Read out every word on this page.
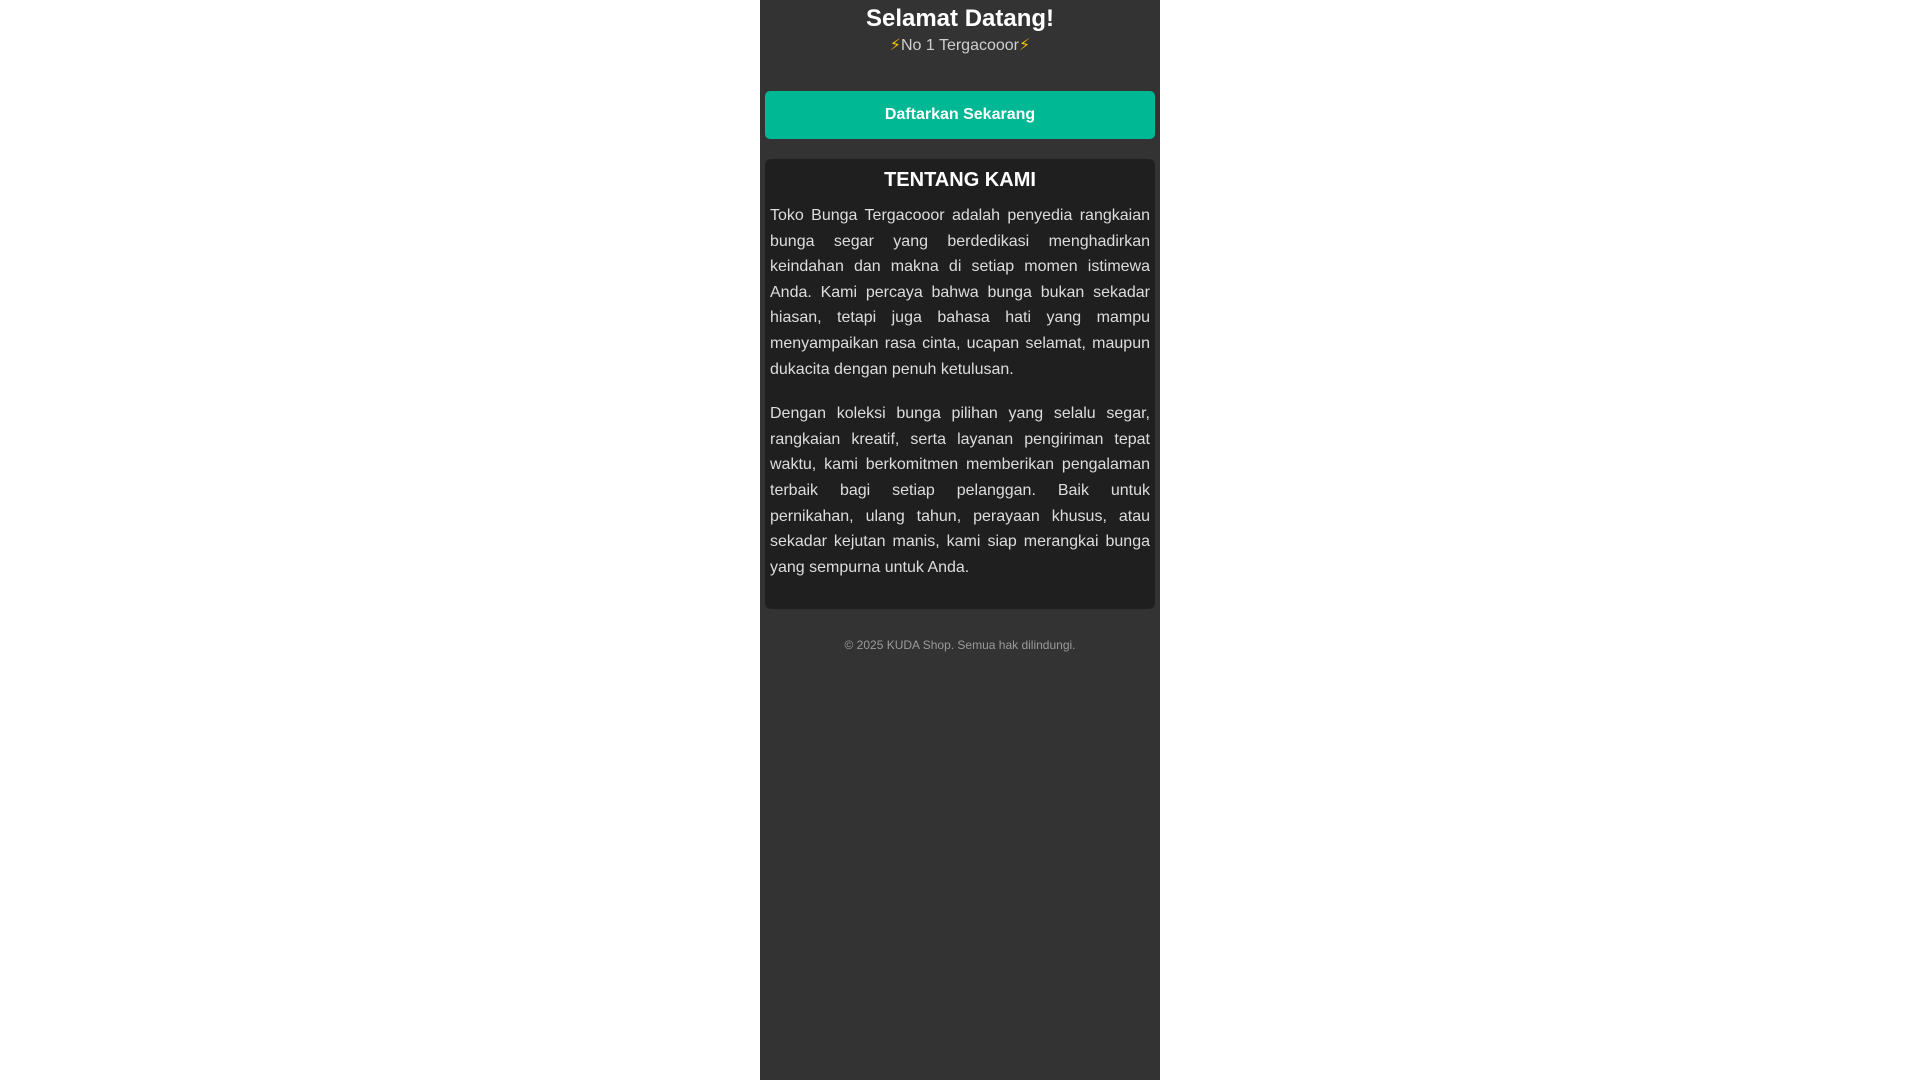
Selamat Datang!

⚡No 1 Tergacooor⚡

Daftarkan Sekarang
TENTANG KAMI

Toko Bunga Tergacooor adalah penyedia rangkaian bunga segar yang berdedikasi menghadirkan keindahan dan makna di setiap momen istimewa Anda. Kami percaya bahwa bunga bukan sekadar hiasan, tetapi juga bahasa hati yang mampu menyampaikan rasa cinta, ucapan selamat, maupun dukacita dengan penuh ketulusan.

Dengan koleksi bunga pilihan yang selalu segar, rangkaian kreatif, serta layanan pengiriman tepat waktu, kami berkomitmen memberikan pengalaman terbaik bagi setiap pelanggan. Baik untuk pernikahan, ulang tahun, perayaan khusus, atau sekadar kejutan manis, kami siap merangkai bunga yang sempurna untuk Anda.

© 2025 KUDA Shop. Semua hak dilindungi.
